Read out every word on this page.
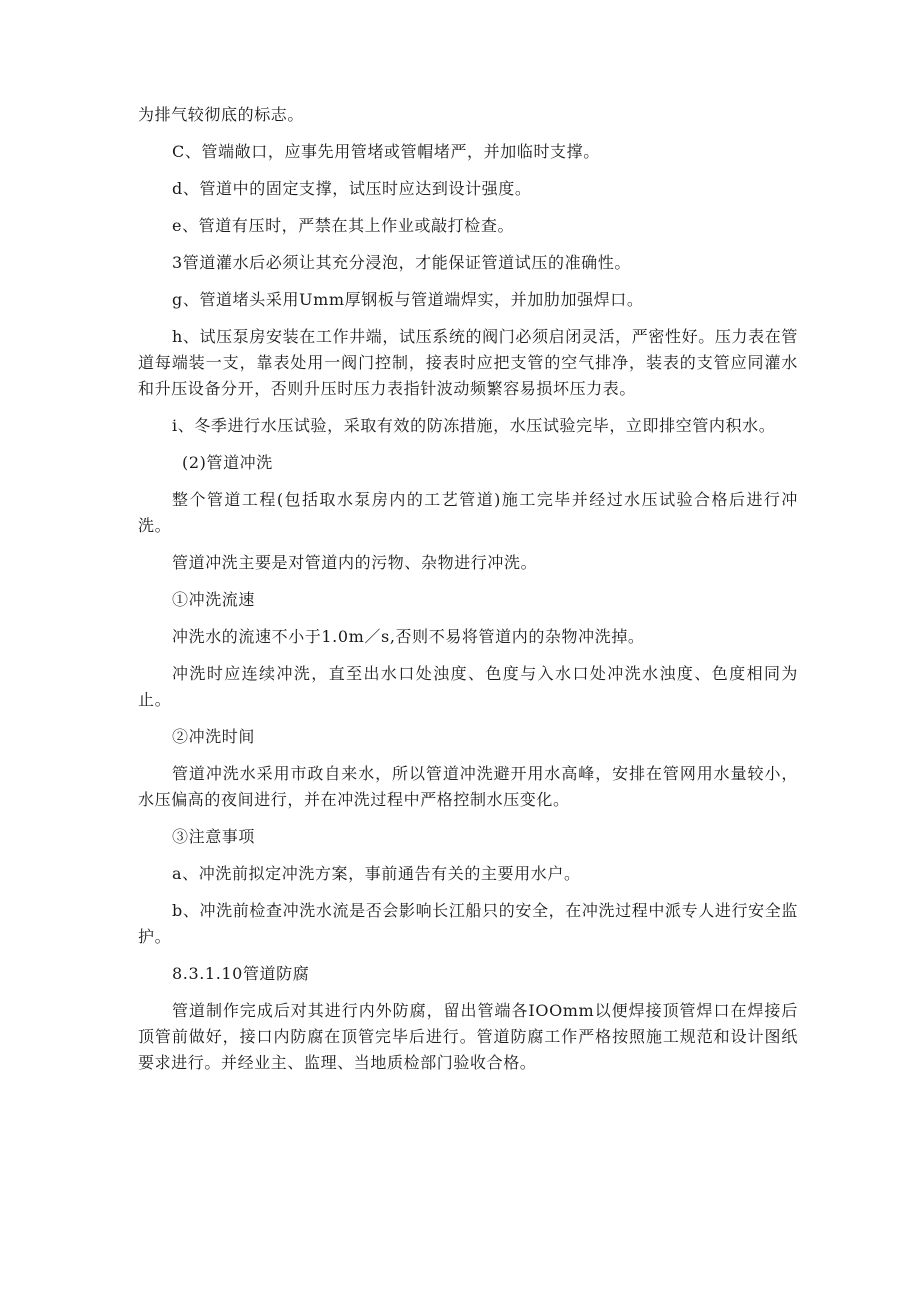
为排气较彻底的标志。

C、管端敞口，应事先用管堵或管帽堵严，并加临时支撑。

d、管道中的固定支撑，试压时应达到设计强度。

e、管道有压时，严禁在其上作业或敲打检查。

3管道灌水后必须让其充分浸泡，才能保证管道试压的准确性。

g、管道堵头采用Umm厚钢板与管道端焊实，并加肋加强焊口。

h、试压泵房安装在工作井端，试压系统的阀门必须启闭灵活，严密性好。压力表在管道每端装一支，靠表处用一阀门控制，接表时应把支管的空气排净，装表的支管应同灌水和升压设备分开，否则升压时压力表指针波动频繁容易损坏压力表。

i、冬季进行水压试验，采取有效的防冻措施，水压试验完毕，立即排空管内积水。

(2)管道冲洗

整个管道工程(包括取水泵房内的工艺管道)施工完毕并经过水压试验合格后进行冲洗。

管道冲洗主要是对管道内的污物、杂物进行冲洗。

①冲洗流速

冲洗水的流速不小于1.0m／s,否则不易将管道内的杂物冲洗掉。

冲洗时应连续冲洗，直至出水口处浊度、色度与入水口处冲洗水浊度、色度相同为止。

②冲洗时间

管道冲洗水采用市政自来水，所以管道冲洗避开用水高峰，安排在管网用水量较小，水压偏高的夜间进行，并在冲洗过程中严格控制水压变化。

③注意事项

a、冲洗前拟定冲洗方案，事前通告有关的主要用水户。

b、冲洗前检查冲洗水流是否会影响长江船只的安全，在冲洗过程中派专人进行安全监护。

8.3.1.10管道防腐

管道制作完成后对其进行内外防腐，留出管端各IOOmm以便焊接顶管焊口在焊接后顶管前做好，接口内防腐在顶管完毕后进行。管道防腐工作严格按照施工规范和设计图纸要求进行。并经业主、监理、当地质检部门验收合格。
